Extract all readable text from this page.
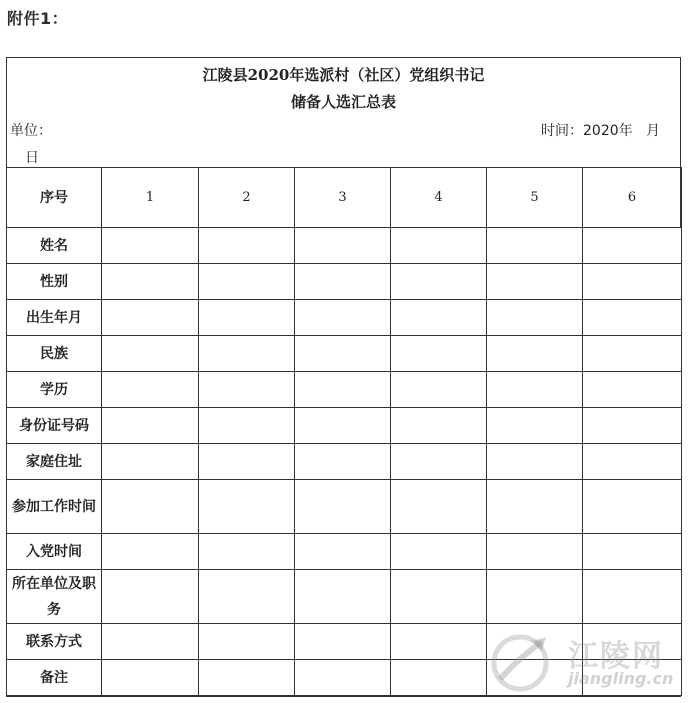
附件1：
江陵县2020年选派村（社区）党组织书记
储备人选汇总表
单位：	时间：2020年   月
日
序号	1	2	3	4	5	6
姓名						
性别						
出生年月						
民族						
学历						
身份证号码						
家庭住址						
参加工作时间						
入党时间						
所在单位及职务						
联系方式						
备注						
江陵网
jiangling.cn
